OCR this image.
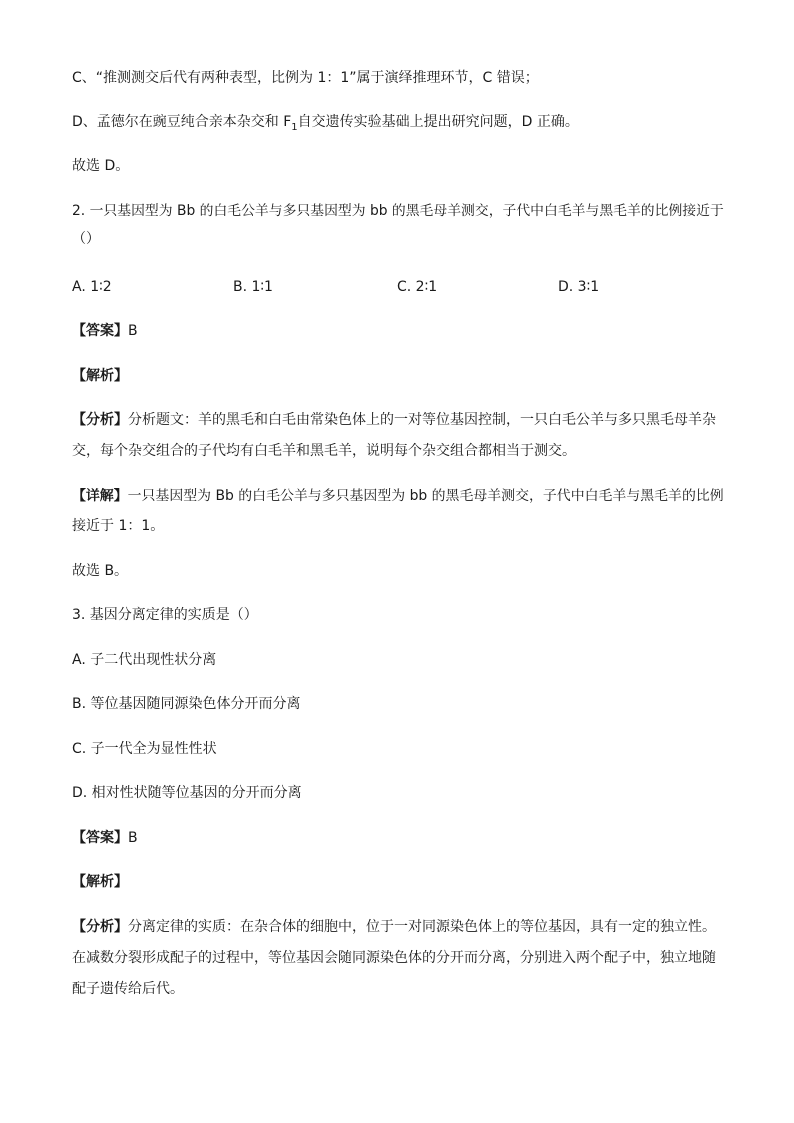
C、“推测测交后代有两种表型，比例为 1：1”属于演绎推理环节，C 错误；
D、孟德尔在豌豆纯合亲本杂交和 $F_1$自交遗传实验基础上提出研究问题，D 正确。
故选 D。
2. 一只基因型为 Bb 的白毛公羊与多只基因型为 bb 的黑毛母羊测交，子代中白毛羊与黑毛羊的比例接近于
（）
A. 1∶2	B. 1∶1	C. 2∶1	D. 3∶1
【答案】B
【解析】
【分析】分析题文：羊的黑毛和白毛由常染色体上的一对等位基因控制，一只白毛公羊与多只黑毛母羊杂
交，每个杂交组合的子代均有白毛羊和黑毛羊，说明每个杂交组合都相当于测交。
【详解】一只基因型为 Bb 的白毛公羊与多只基因型为 bb 的黑毛母羊测交，子代中白毛羊与黑毛羊的比例
接近于 1：1。
故选 B。
3. 基因分离定律的实质是（）
A. 子二代出现性状分离
B. 等位基因随同源染色体分开而分离
C. 子一代全为显性性状
D. 相对性状随等位基因的分开而分离
【答案】B
【解析】
【分析】分离定律的实质：在杂合体的细胞中，位于一对同源染色体上的等位基因，具有一定的独立性。
在减数分裂形成配子的过程中，等位基因会随同源染色体的分开而分离，分别进入两个配子中，独立地随
配子遗传给后代。
